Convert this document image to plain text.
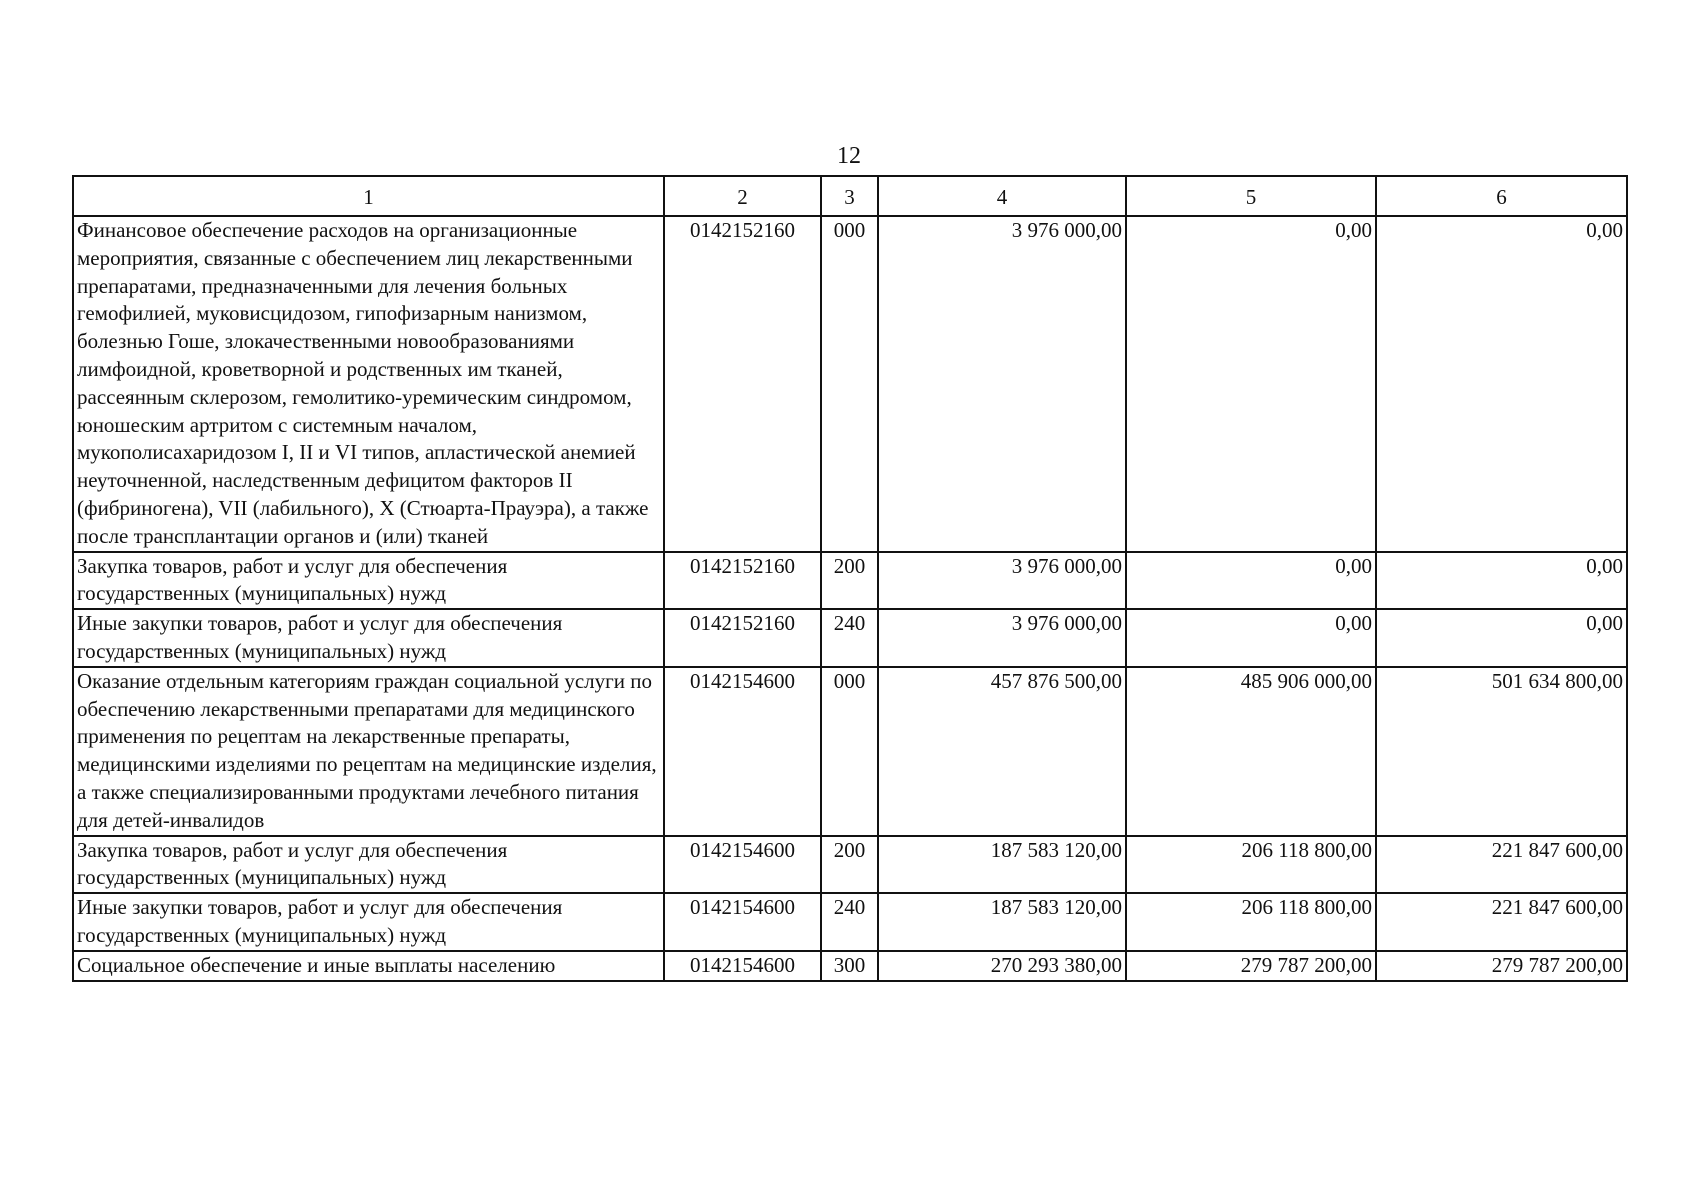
12
1	2	3	4	5	6
Финансовое обеспечение расходов на организационные мероприятия, связанные с обеспечением лиц лекарственными препаратами, предназначенными для лечения больных гемофилией, муковисцидозом, гипофизарным нанизмом, болезнью Гоше, злокачественными новообразованиями лимфоидной, кроветворной и родственных им тканей, рассеянным склерозом, гемолитико-уремическим синдромом, юношеским артритом с системным началом, мукополисахаридозом I, II и VI типов, апластической анемией неуточненной, наследственным дефицитом факторов II (фибриногена), VII (лабильного), X (Стюарта-Прауэра), а также после трансплантации органов и (или) тканей	0142152160	000	3 976 000,00	0,00	0,00
Закупка товаров, работ и услуг для обеспечения государственных (муниципальных) нужд	0142152160	200	3 976 000,00	0,00	0,00
Иные закупки товаров, работ и услуг для обеспечения государственных (муниципальных) нужд	0142152160	240	3 976 000,00	0,00	0,00
Оказание отдельным категориям граждан социальной услуги по обеспечению лекарственными препаратами для медицинского применения по рецептам на лекарственные препараты, медицинскими изделиями по рецептам на медицинские изделия, а также специализированными продуктами лечебного питания для детей-инвалидов	0142154600	000	457 876 500,00	485 906 000,00	501 634 800,00
Закупка товаров, работ и услуг для обеспечения государственных (муниципальных) нужд	0142154600	200	187 583 120,00	206 118 800,00	221 847 600,00
Иные закупки товаров, работ и услуг для обеспечения государственных (муниципальных) нужд	0142154600	240	187 583 120,00	206 118 800,00	221 847 600,00
Социальное обеспечение и иные выплаты населению	0142154600	300	270 293 380,00	279 787 200,00	279 787 200,00
